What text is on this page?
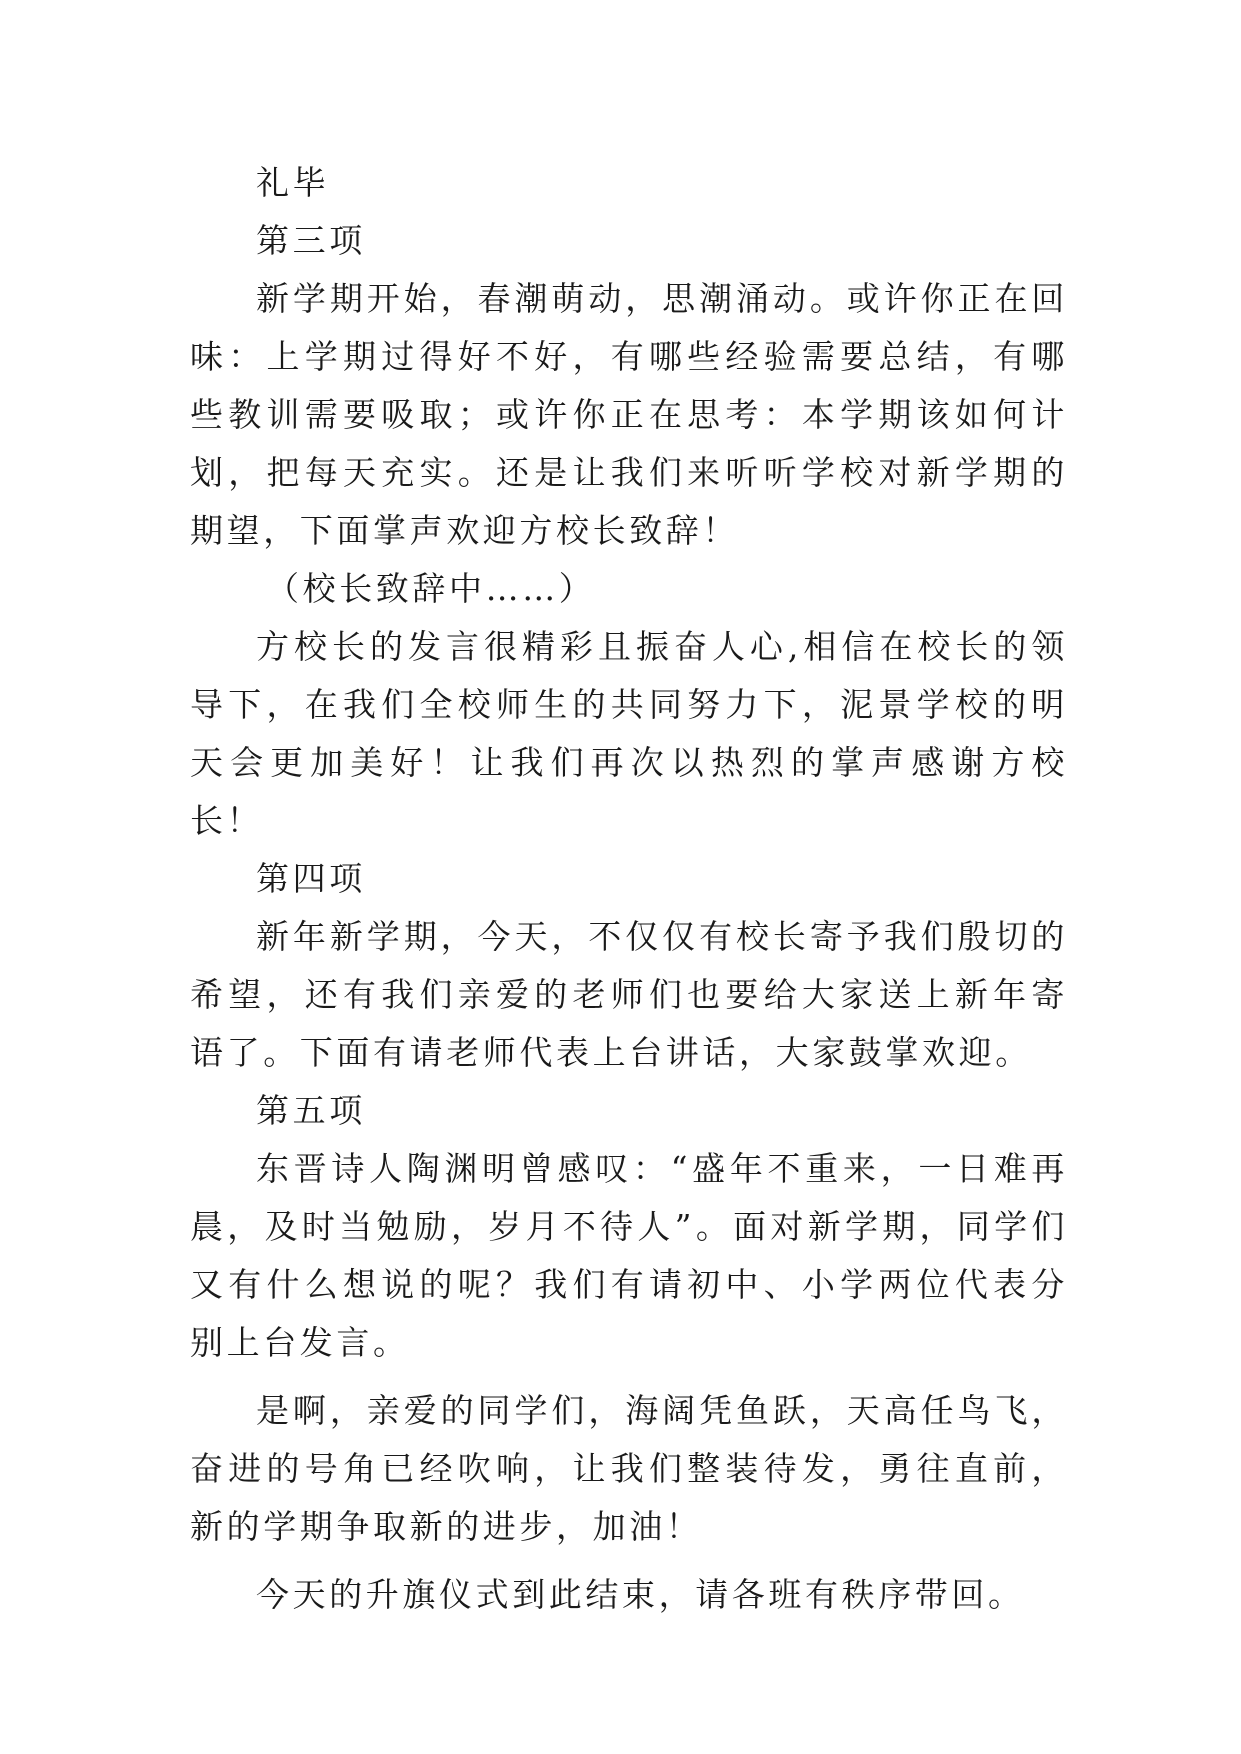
礼毕

第三项

新学期开始，春潮萌动，思潮涌动。或许你正在回味：上学期过得好不好，有哪些经验需要总结，有哪些教训需要吸取；或许你正在思考：本学期该如何计划，把每天充实。还是让我们来听听学校对新学期的期望，下面掌声欢迎方校长致辞！

（校长致辞中……）

方校长的发言很精彩且振奋人心,相信在校长的领导下，在我们全校师生的共同努力下，泥景学校的明天会更加美好！让我们再次以热烈的掌声感谢方校长！

第四项

新年新学期，今天，不仅仅有校长寄予我们殷切的希望，还有我们亲爱的老师们也要给大家送上新年寄语了。下面有请老师代表上台讲话，大家鼓掌欢迎。

第五项

东晋诗人陶渊明曾感叹：“盛年不重来，一日难再晨，及时当勉励，岁月不待人”。面对新学期，同学们又有什么想说的呢？我们有请初中、小学两位代表分别上台发言。

是啊，亲爱的同学们，海阔凭鱼跃，天高任鸟飞，奋进的号角已经吹响，让我们整装待发，勇往直前，新的学期争取新的进步，加油！

今天的升旗仪式到此结束，请各班有秩序带回。
